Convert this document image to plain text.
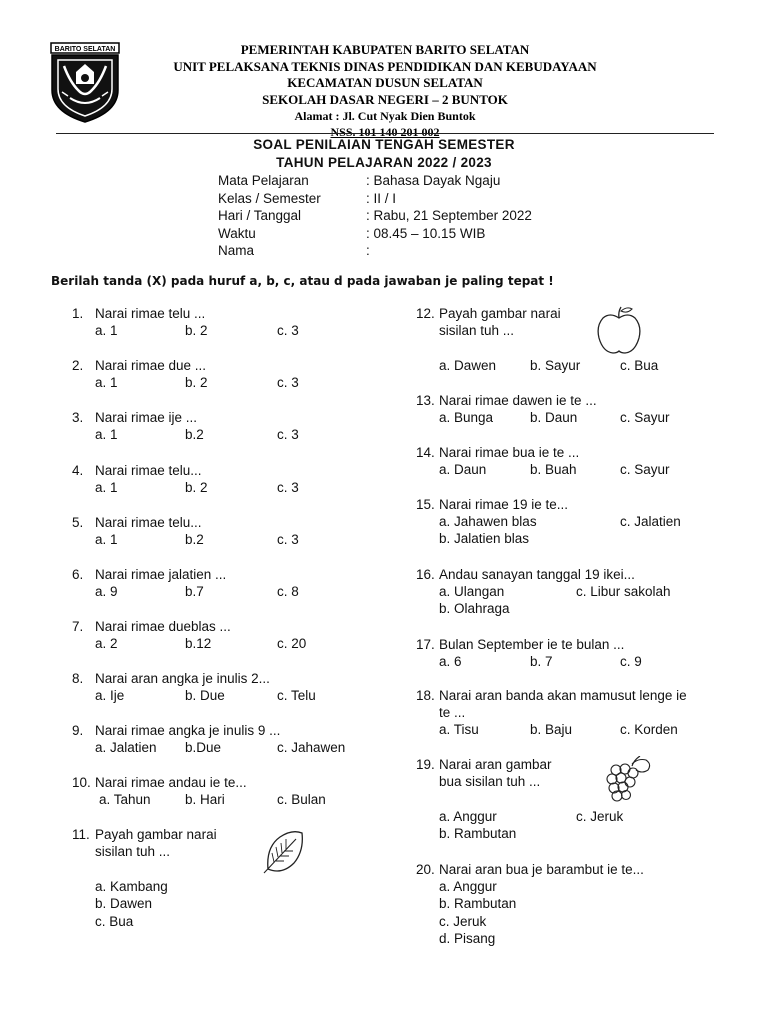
BARITO SELATAN	PEMERINTAH KABUPATEN BARITO SELATAN
UNIT PELAKSANA TEKNIS DINAS PENDIDIKAN DAN KEBUDAYAAN
KECAMATAN DUSUN SELATAN
SEKOLAH DASAR NEGERI – 2 BUNTOK
Alamat : Jl. Cut Nyak Dien Buntok
NSS. 101 140 201 002
SOAL PENILAIAN TENGAH SEMESTER
TAHUN PELAJARAN 2022 / 2023
Mata Pelajaran	: Bahasa Dayak Ngaju
Kelas / Semester	: II / I
Hari / Tanggal	: Rabu, 21 September 2022
Waktu	: 08.45 – 10.15 WIB
Nama	:
Berilah tanda (X) pada huruf a, b, c, atau d pada jawaban je paling tepat !
1. Narai rimae telu ...
a. 1	b. 2	c. 3
2. Narai rimae due ...
a. 1	b. 2	c. 3
3. Narai rimae ije ...
a. 1	b.2	c. 3
4. Narai rimae telu...
a. 1	b. 2	c. 3
5. Narai rimae telu...
a. 1	b.2	c. 3
6. Narai rimae jalatien ...
a. 9	b.7	c. 8
7. Narai rimae dueblas ...
a. 2	b.12	c. 20
8. Narai aran angka je inulis 2...
a. Ije	b. Due	c. Telu
9. Narai rimae angka je inulis 9 ...
a. Jalatien b.Due	c. Jahawen
10. Narai rimae andau ie te...
a. Tahun	b. Hari	c. Bulan
11. Payah gambar narai
sisilan tuh ...
a. Kambang
b. Dawen
c. Bua
12. Payah gambar narai
sisilan tuh ...
a. Dawen	b. Sayur	c. Bua
13. Narai rimae dawen ie te ...
a. Bunga	b. Daun	c. Sayur
14. Narai rimae bua ie te ...
a. Daun	b. Buah	c. Sayur
15. Narai rimae 19 ie te...
a. Jahawen blas	c. Jalatien
b. Jalatien blas
16. Andau sanayan tanggal 19 ikei...
a. Ulangan	c. Libur sakolah
b. Olahraga
17. Bulan September ie te bulan ...
a. 6	b. 7	c. 9
18. Narai aran banda akan mamusut lenge ie
te ...
a. Tisu	b. Baju	c. Korden
19. Narai aran gambar
bua sisilan tuh ...
a. Anggur	c. Jeruk
b. Rambutan
20. Narai aran bua je barambut ie te...
a. Anggur
b. Rambutan
c. Jeruk
d. Pisang
